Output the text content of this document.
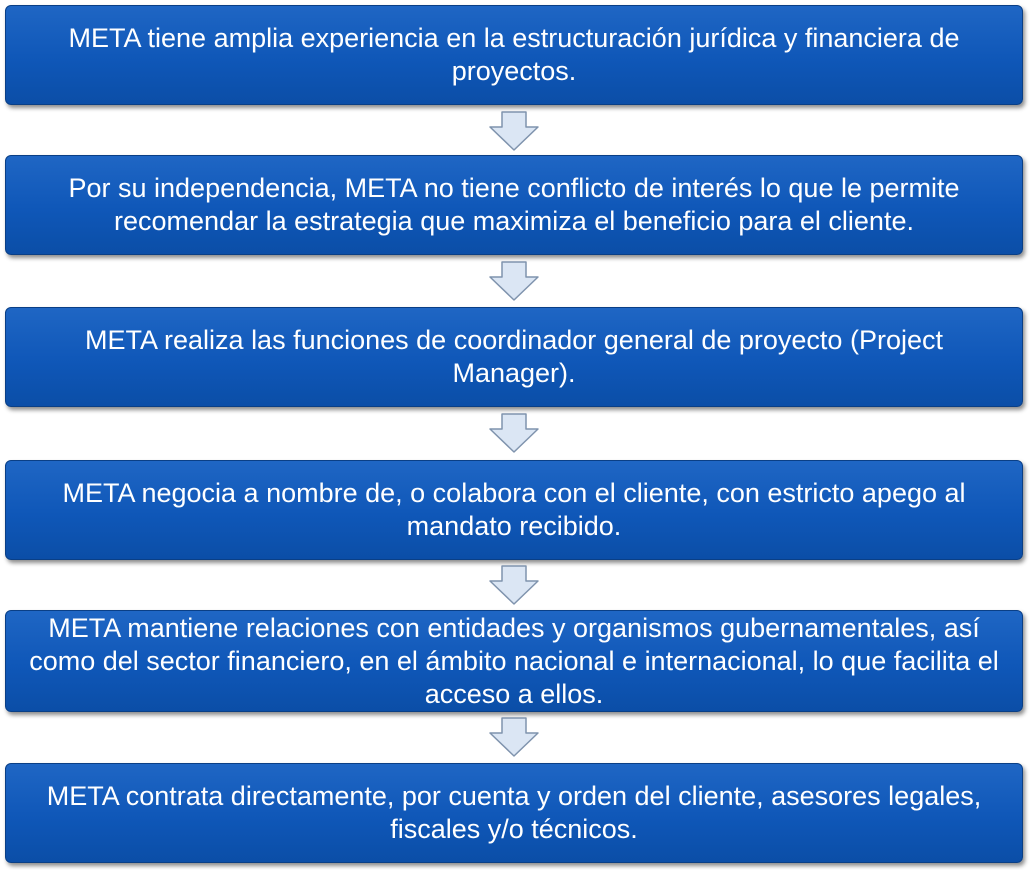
META tiene amplia experiencia en la estructuración jurídica y financiera de proyectos.
Por su independencia, META no tiene conflicto de interés lo que le permite recomendar la estrategia que maximiza el beneficio para el cliente.
META realiza las funciones de coordinador general de proyecto (Project Manager).
META negocia a nombre de, o colabora con el cliente, con estricto apego al mandato recibido.
META mantiene relaciones con entidades y organismos gubernamentales, así como del sector financiero, en el ámbito nacional e internacional, lo que facilita el acceso a ellos.
META contrata directamente, por cuenta y orden del cliente, asesores legales, fiscales y/o técnicos.
